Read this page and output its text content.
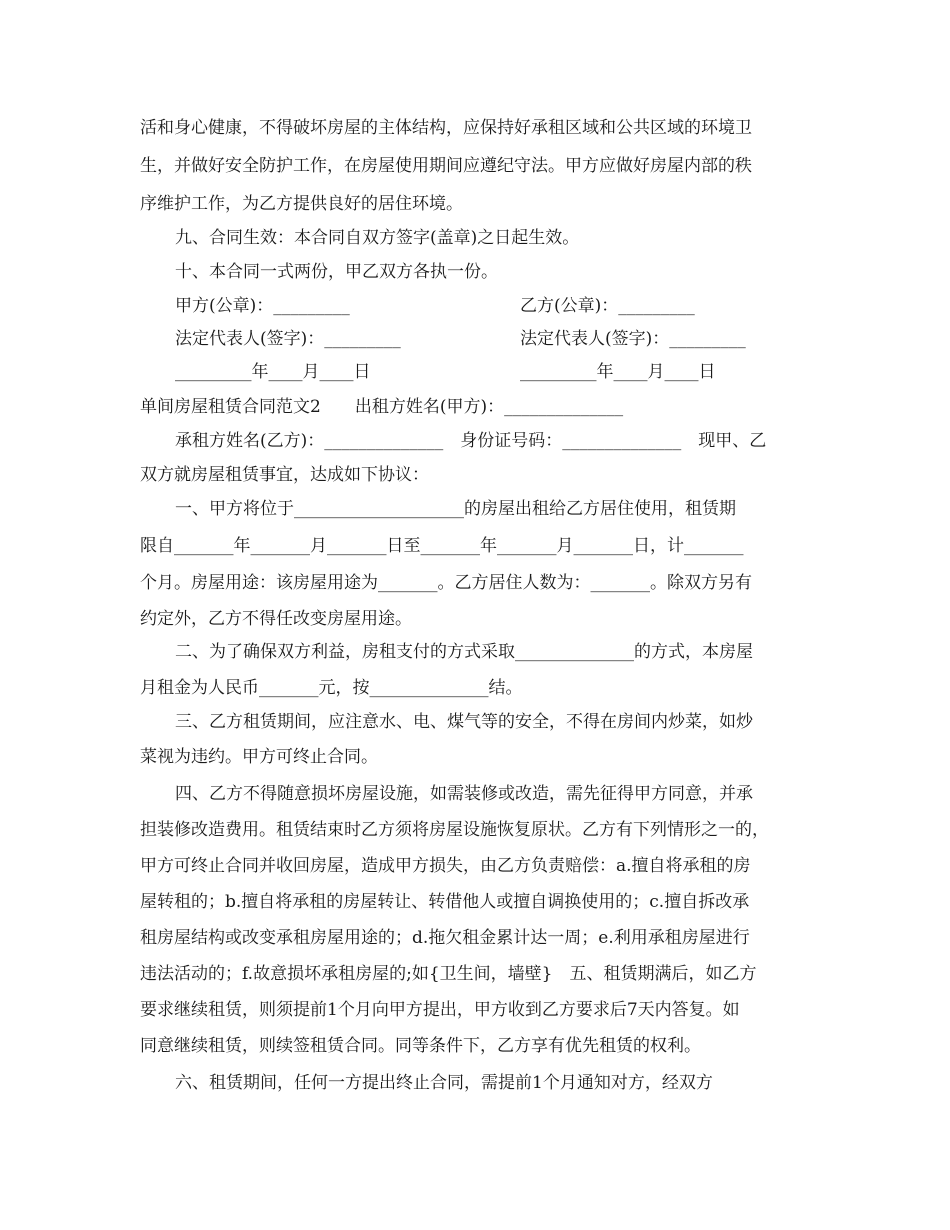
活和身心健康，不得破坏房屋的主体结构，应保持好承租区域和公共区域的环境卫
生，并做好安全防护工作，在房屋使用期间应遵纪守法。甲方应做好房屋内部的秩
序维护工作，为乙方提供良好的居住环境。
九、合同生效：本合同自双方签字(盖章)之日起生效。
十、本合同一式两份，甲乙双方各执一份。
甲方(公章)：_________	乙方(公章)：_________
法定代表人(签字)：_________	法定代表人(签字)：_________
_________年____月____日	_________年____月____日
单间房屋租赁合同范文2　　出租方姓名(甲方)：______________
承租方姓名(乙方)：______________　身份证号码：______________　现甲、乙
双方就房屋租赁事宜，达成如下协议：
一、甲方将位于____________________的房屋出租给乙方居住使用，租赁期
限自_______年_______月_______日至_______年_______月_______日，计_______
个月。房屋用途：该房屋用途为_______。乙方居住人数为：_______。除双方另有
约定外，乙方不得任改变房屋用途。
二、为了确保双方利益，房租支付的方式采取______________的方式，本房屋
月租金为人民币_______元，按______________结。
三、乙方租赁期间，应注意水、电、煤气等的安全，不得在房间内炒菜，如炒
菜视为违约。甲方可终止合同。
四、乙方不得随意损坏房屋设施，如需装修或改造，需先征得甲方同意，并承
担装修改造费用。租赁结束时乙方须将房屋设施恢复原状。乙方有下列情形之一的，
甲方可终止合同并收回房屋，造成甲方损失，由乙方负责赔偿：a.擅自将承租的房
屋转租的；b.擅自将承租的房屋转让、转借他人或擅自调换使用的；c.擅自拆改承
租房屋结构或改变承租房屋用途的；d.拖欠租金累计达一周；e.利用承租房屋进行
违法活动的；f.故意损坏承租房屋的;如{卫生间，墙壁}　五、租赁期满后，如乙方
要求继续租赁，则须提前1个月向甲方提出，甲方收到乙方要求后7天内答复。如
同意继续租赁，则续签租赁合同。同等条件下，乙方享有优先租赁的权利。
六、租赁期间，任何一方提出终止合同，需提前1个月通知对方，经双方
